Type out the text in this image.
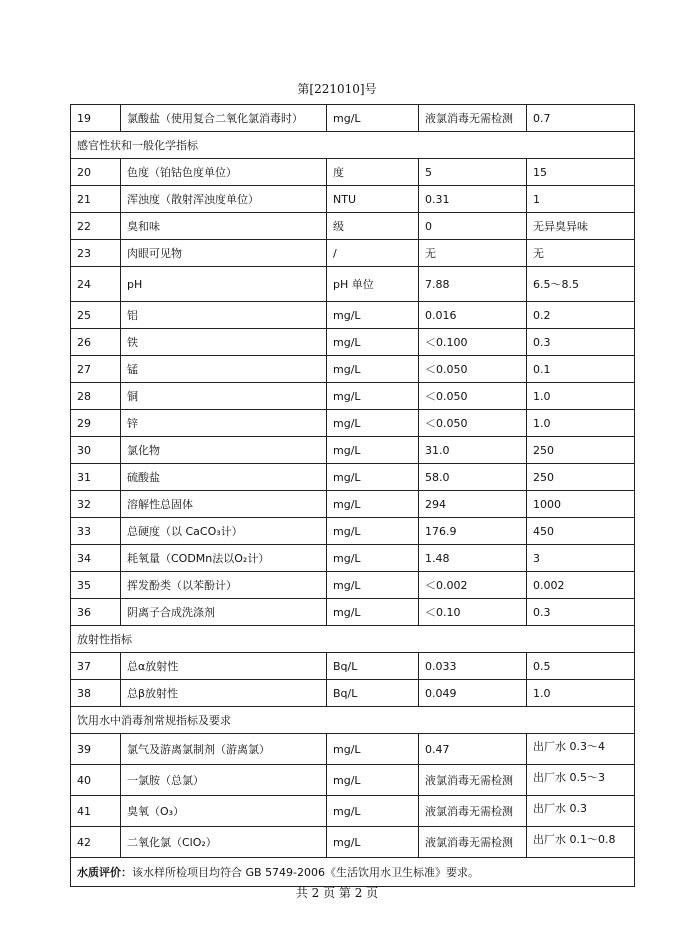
第[221010]号
19	氯酸盐（使用复合二氧化氯消毒时）	mg/L	液氯消毒无需检测	0.7
感官性状和一般化学指标				
20	色度（铂钴色度单位）	度	5	15
21	浑浊度（散射浑浊度单位）	NTU	0.31	1
22	臭和味	级	0	无异臭异味
23	肉眼可见物	/	无	无
24	pH	pH 单位	7.88	6.5～8.5
25	铝	mg/L	0.016	0.2
26	铁	mg/L	＜0.100	0.3
27	锰	mg/L	＜0.050	0.1
28	铜	mg/L	＜0.050	1.0
29	锌	mg/L	＜0.050	1.0
30	氯化物	mg/L	31.0	250
31	硫酸盐	mg/L	58.0	250
32	溶解性总固体	mg/L	294	1000
33	总硬度（以 CaCO₃计）	mg/L	176.9	450
34	耗氧量（CODMn法以O₂计）	mg/L	1.48	3
35	挥发酚类（以苯酚计）	mg/L	＜0.002	0.002
36	阴离子合成洗涤剂	mg/L	＜0.10	0.3
放射性指标				
37	总α放射性	Bq/L	0.033	0.5
38	总β放射性	Bq/L	0.049	1.0
饮用水中消毒剂常规指标及要求				
39	氯气及游离氯制剂（游离氯）	mg/L	0.47	出厂水 0.3～4
40	一氯胺（总氯）	mg/L	液氯消毒无需检测	出厂水 0.5～3
41	臭氧（O₃）	mg/L	液氯消毒无需检测	出厂水 0.3
42	二氧化氯（ClO₂）	mg/L	液氯消毒无需检测	出厂水 0.1～0.8
水质评价：该水样所检项目均符合 GB 5749-2006《生活饮用水卫生标准》要求。				
共 2 页 第 2 页
